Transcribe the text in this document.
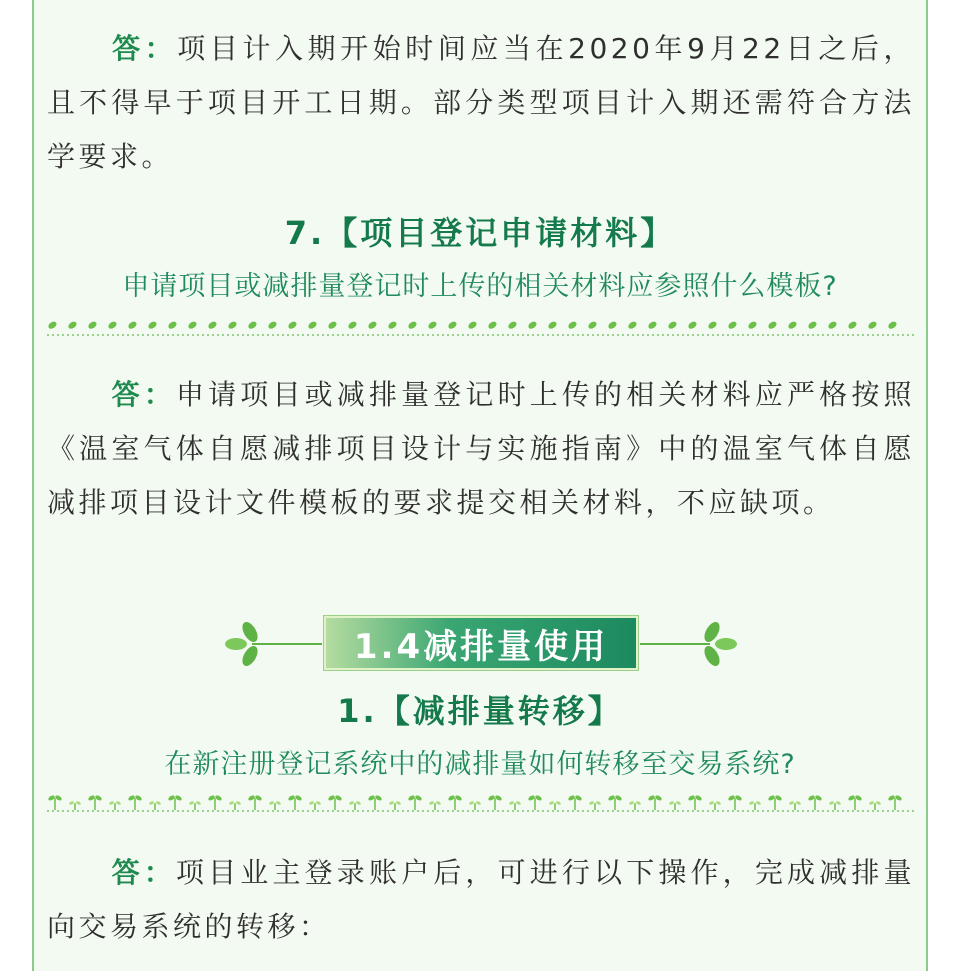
答：项目计入期开始时间应当在2020年9月22日之后，且不得早于项目开工日期。部分类型项目计入期还需符合方法学要求。

7.【项目登记申请材料】
申请项目或减排量登记时上传的相关材料应参照什么模板?

答：申请项目或减排量登记时上传的相关材料应严格按照《温室气体自愿减排项目设计与实施指南》中的温室气体自愿减排项目设计文件模板的要求提交相关材料，不应缺项。

1.4减排量使用
1.【减排量转移】
在新注册登记系统中的减排量如何转移至交易系统?

答：项目业主登录账户后，可进行以下操作，完成减排量向交易系统的转移：
